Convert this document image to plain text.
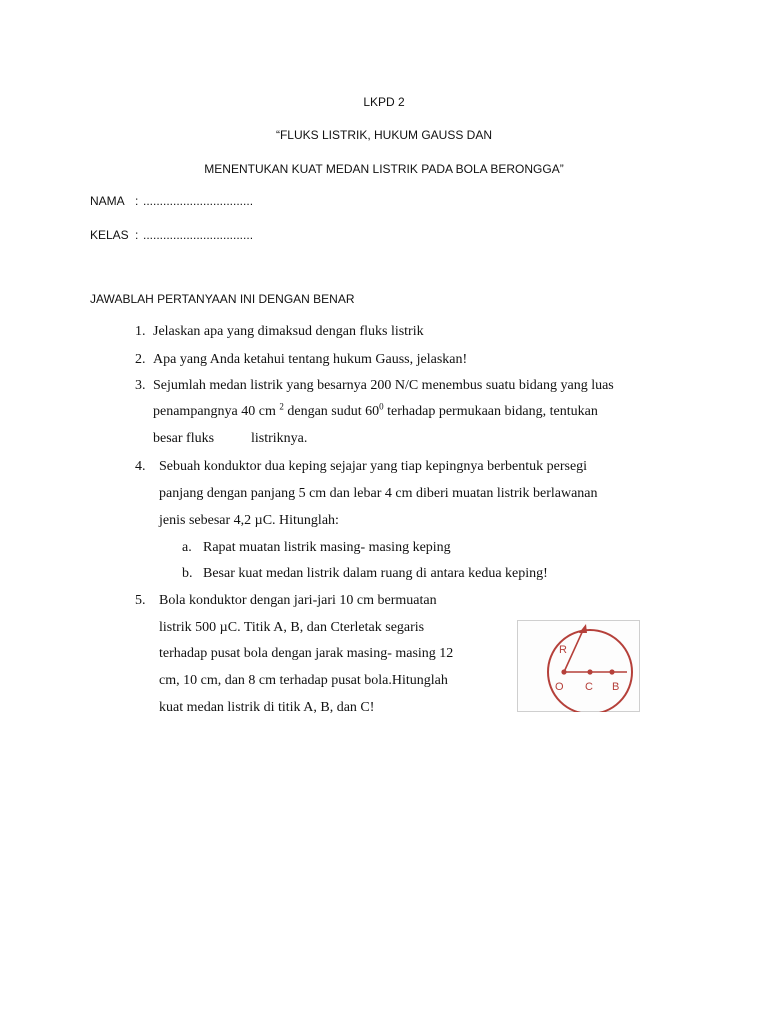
LKPD 2
“FLUKS LISTRIK, HUKUM GAUSS DAN
MENENTUKAN KUAT MEDAN LISTRIK PADA BOLA BERONGGA”
NAMA : .................................
KELAS : .................................
JAWABLAH PERTANYAAN INI DENGAN BENAR
1. Jelaskan apa yang dimaksud dengan fluks listrik
2. Apa yang Anda ketahui tentang hukum Gauss, jelaskan!
3. Sejumlah medan listrik yang besarnya 200 N/C menembus suatu bidang yang luas
penampangnya 40 cm $^2$ dengan sudut $60^0$ terhadap permukaan bidang, tentukan
besar fluks	listriknya.
4. Sebuah konduktor dua keping sejajar yang tiap kepingnya berbentuk persegi
panjang dengan panjang 5 cm dan lebar 4 cm diberi muatan listrik berlawanan
jenis sebesar 4,2 µC. Hitunglah:
a. Rapat muatan listrik masing- masing keping
b. Besar kuat medan listrik dalam ruang di antara kedua keping!
5. Bola konduktor dengan jari-jari 10 cm bermuatan
listrik 500 µC. Titik A, B, dan Cterletak segaris
terhadap pusat bola dengan jarak masing- masing 12
cm, 10 cm, dan 8 cm terhadap pusat bola.Hitunglah
kuat medan listrik di titik A, B, dan C!
R
O C B
